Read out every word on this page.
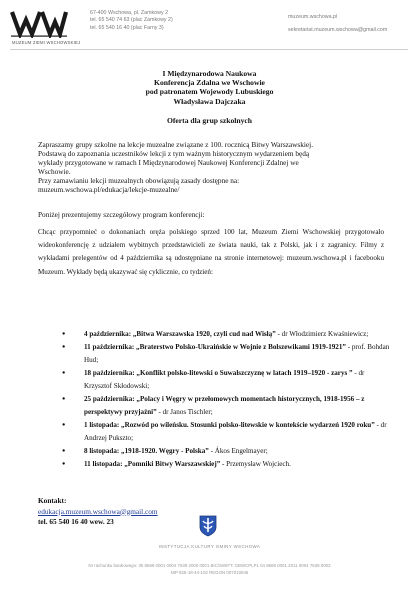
MUZEUM ZIEMI WSCHOWSKIEJ
67-400 Wschowa, pl. Zamkowy 2
tel. 65 540 74 63 (plac Zamkowy 2)
tel. 65 540 16 40 (plac Farny 3)
muzeum.wschowa.pl
sekretariat.muzeum.wschowa@gmail.com
I Międzynarodowa Naukowa
Konferencja Zdalna we Wschowie
pod patronatem Wojewody Lubuskiego
Władysława Dajczaka
Oferta dla grup szkolnych
Zapraszamy grupy szkolne na lekcje muzealne związane z 100. rocznicą Bitwy Warszawskiej.
Podstawą do zapoznania uczestników lekcji z tym ważnym historycznym wydarzeniem będą
wykłady przygotowane w ramach I Międzynarodowej Naukowej Konferencji Zdalnej we
Wschowie.
Przy zamawianiu lekcji muzealnych obowiązują zasady dostępne na:
muzeum.wschowa.pl/edukacja/lekcje-muzealne/
Poniżej prezentujemy szczegółowy program konferencji:
Chcąc przypomnieć o dokonaniach oręża polskiego sprzed 100 lat, Muzeum Ziemi Wschowskiej przygotowało wideokonferencję z udziałem wybitnych przedstawicieli ze świata nauki, tak z Polski, jak i z zagranicy. Filmy z wykładami prelegentów od 4 października są udostępniane na stronie internetowej: muzeum.wschowa.pl i facebooku Muzeum. Wykłady będą ukazywać się cyklicznie, co tydzień:
● 4 października: „Bitwa Warszawska 1920, czyli cud nad Wisłą” - dr Włodzimierz Kwaśniewicz;
● 11 października: „Braterstwo Polsko-Ukraińskie w Wojnie z Bolszewikami 1919-1921” - prof. Bohdan Hud;
● 18 października: „Konflikt polsko-litewski o Suwalszczyznę w latach 1919–1920 - zarys ” - dr Krzysztof Skłodowski;
● 25 października: „Polacy i Węgry w przełomowych momentach historycznych, 1918-1956 – z perspektywy przyjaźni” - dr Janos Tischler;
● 1 listopada: „Rozwód po wileńsku. Stosunki polsko-litewskie w kontekście wydarzeń 1920 roku” - dr Andrzej Pukszto;
● 8 listopada: „1918-1920. Węgry - Polska” - Ákos Engelmayer;
● 11 listopada: „Pomniki Bitwy Warszawskiej” - Przemysław Wojciech.
Kontakt:
edukacja.muzeum.wschowa@gmail.com
tel. 65 540 16 40 wew. 23
INSTYTUCJA KULTURY GMINY WSCHOWA
Nr rachunku bankowego: 35 8669 0001 0004 7539 2000 0001 BIC/SWIFT: GBWCPLPL 04 8669 0001 2011 0004 7539 0002
NIP 925-18-44-102 REGON 007010946
